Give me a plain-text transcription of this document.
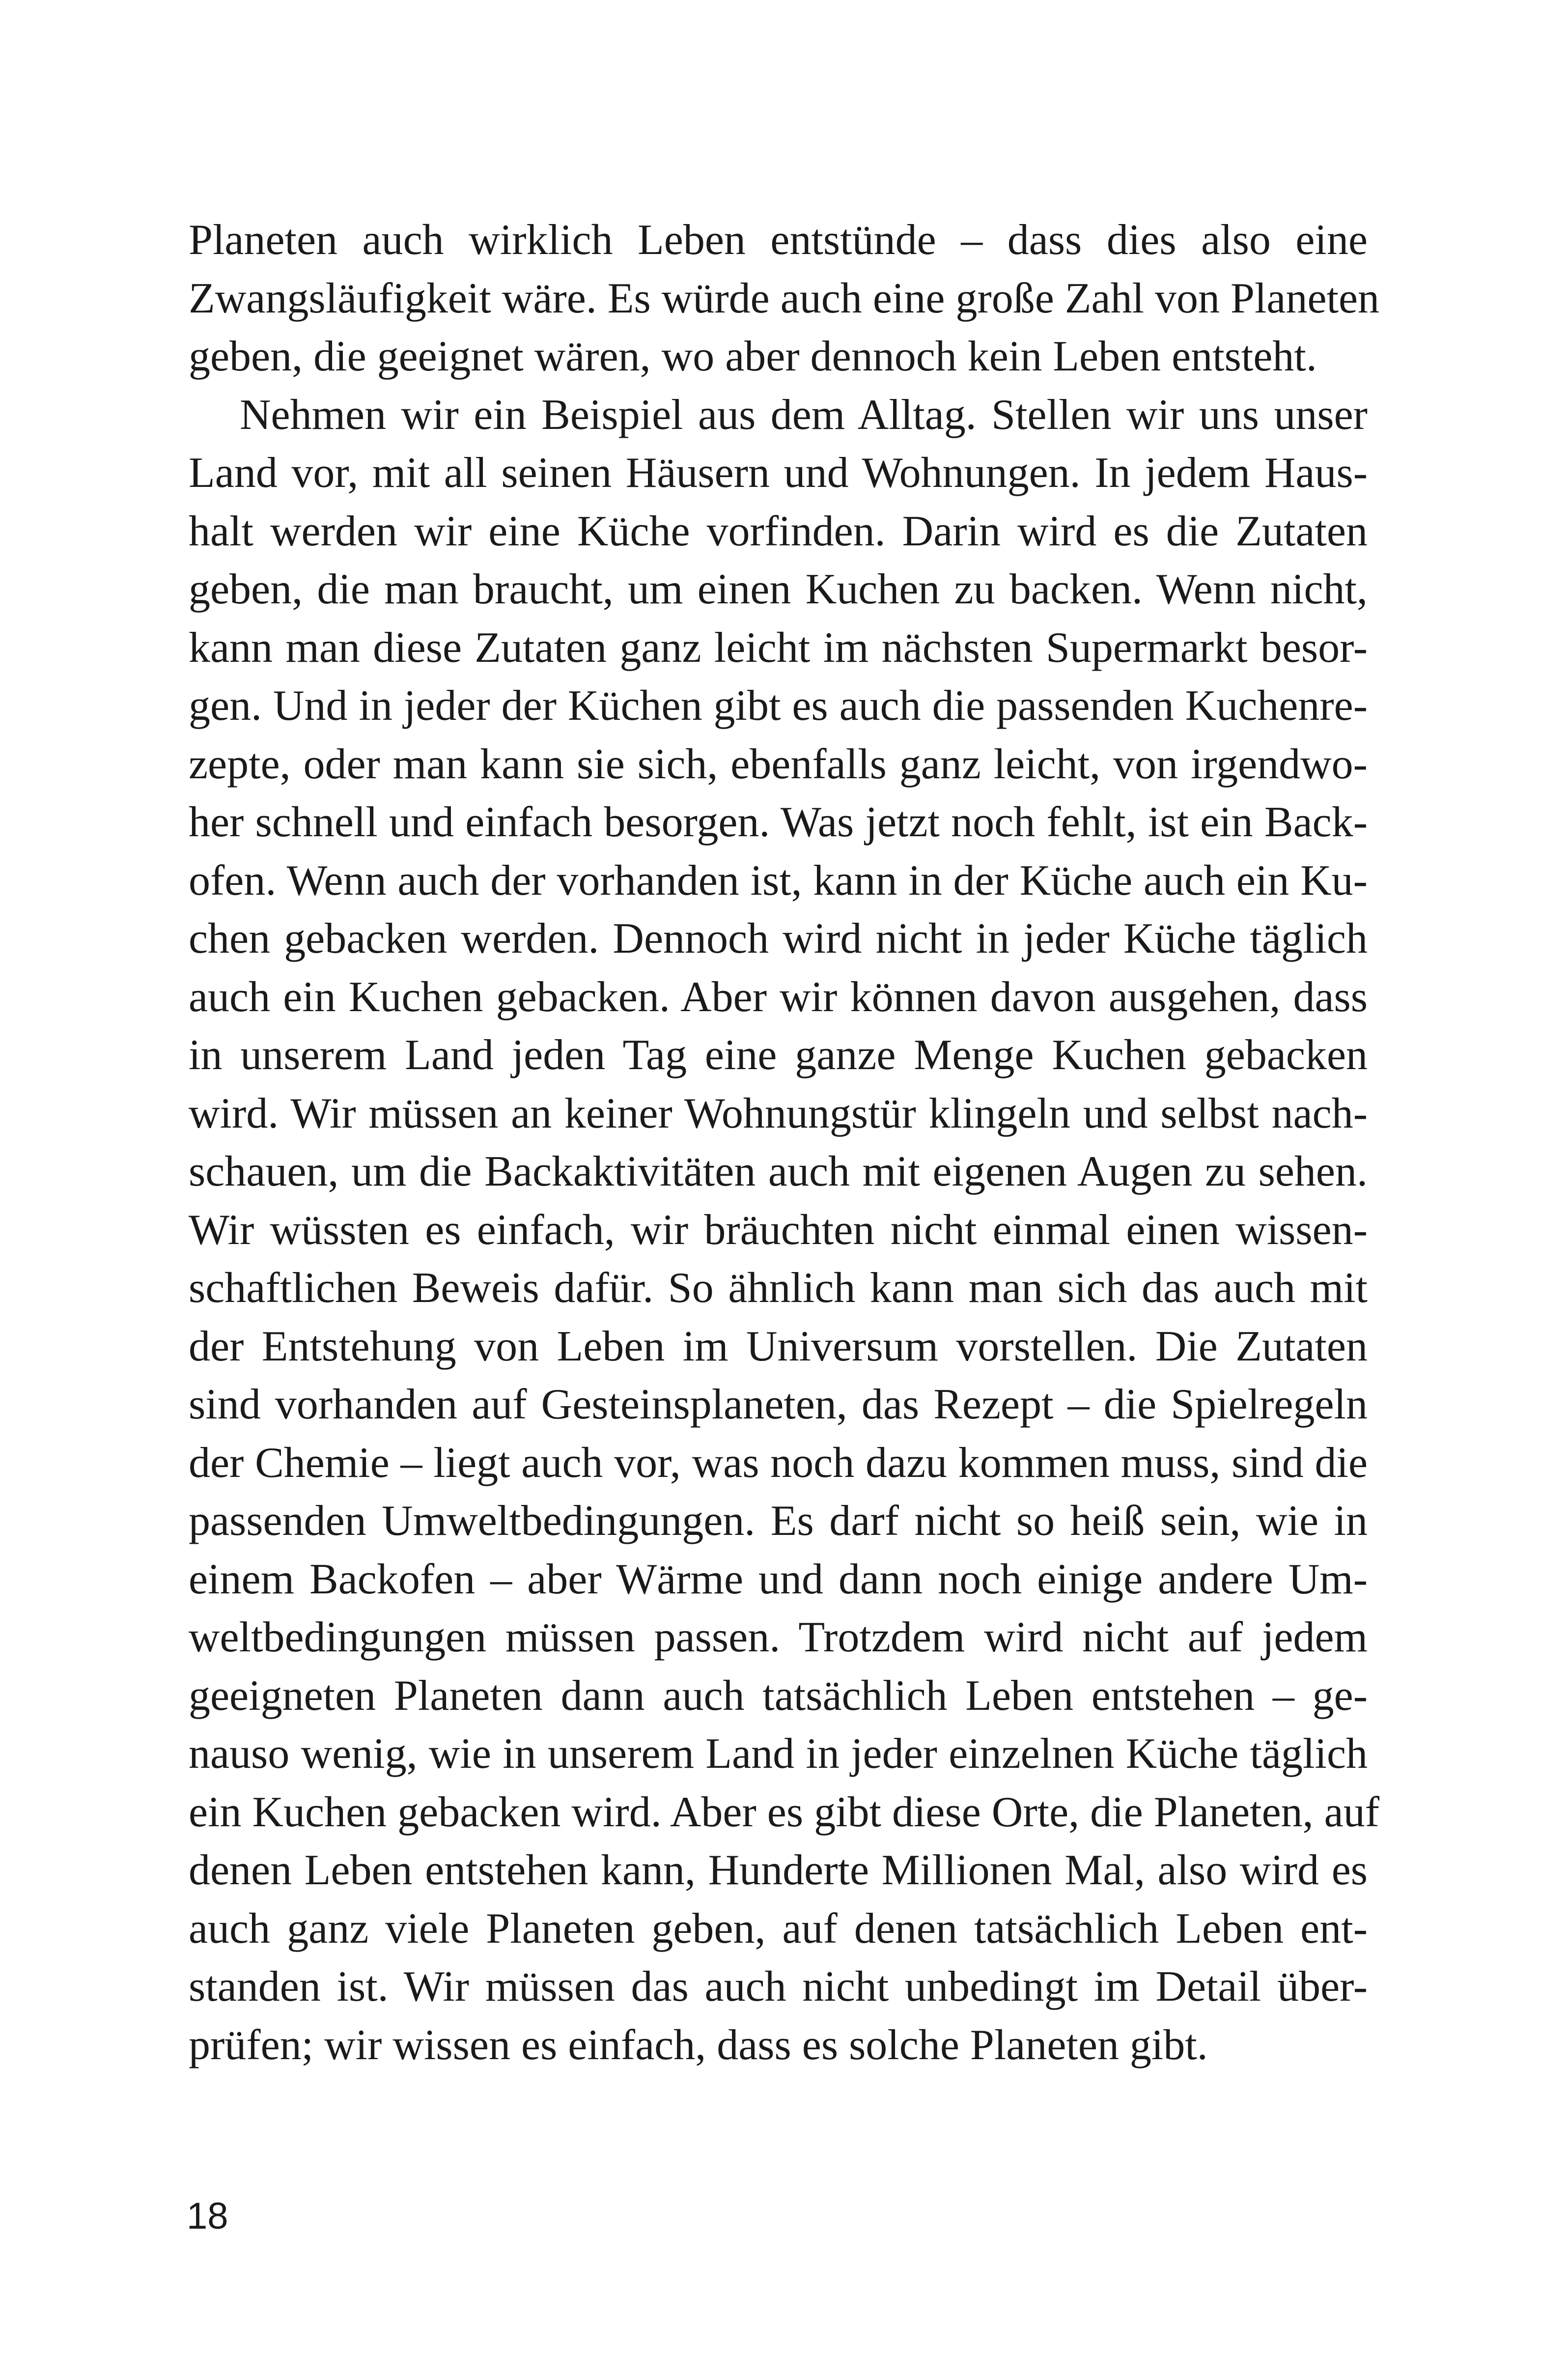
Planeten auch wirklich Leben entstünde – dass dies also eine
Zwangsläufigkeit wäre. Es würde auch eine große Zahl von Planeten
geben, die geeignet wären, wo aber dennoch kein Leben entsteht.
Nehmen wir ein Beispiel aus dem Alltag. Stellen wir uns unser
Land vor, mit all seinen Häusern und Wohnungen. In jedem Haus-
halt werden wir eine Küche vorfinden. Darin wird es die Zutaten
geben, die man braucht, um einen Kuchen zu backen. Wenn nicht,
kann man diese Zutaten ganz leicht im nächsten Supermarkt besor-
gen. Und in jeder der Küchen gibt es auch die passenden Kuchenre-
zepte, oder man kann sie sich, ebenfalls ganz leicht, von irgendwo-
her schnell und einfach besorgen. Was jetzt noch fehlt, ist ein Back-
ofen. Wenn auch der vorhanden ist, kann in der Küche auch ein Ku-
chen gebacken werden. Dennoch wird nicht in jeder Küche täglich
auch ein Kuchen gebacken. Aber wir können davon ausgehen, dass
in unserem Land jeden Tag eine ganze Menge Kuchen gebacken
wird. Wir müssen an keiner Wohnungstür klingeln und selbst nach-
schauen, um die Backaktivitäten auch mit eigenen Augen zu sehen.
Wir wüssten es einfach, wir bräuchten nicht einmal einen wissen-
schaftlichen Beweis dafür. So ähnlich kann man sich das auch mit
der Entstehung von Leben im Universum vorstellen. Die Zutaten
sind vorhanden auf Gesteinsplaneten, das Rezept – die Spielregeln
der Chemie – liegt auch vor, was noch dazu kommen muss, sind die
passenden Umweltbedingungen. Es darf nicht so heiß sein, wie in
einem Backofen – aber Wärme und dann noch einige andere Um-
weltbedingungen müssen passen. Trotzdem wird nicht auf jedem
geeigneten Planeten dann auch tatsächlich Leben entstehen – ge-
nauso wenig, wie in unserem Land in jeder einzelnen Küche täglich
ein Kuchen gebacken wird. Aber es gibt diese Orte, die Planeten, auf
denen Leben entstehen kann, Hunderte Millionen Mal, also wird es
auch ganz viele Planeten geben, auf denen tatsächlich Leben ent-
standen ist. Wir müssen das auch nicht unbedingt im Detail über-
prüfen; wir wissen es einfach, dass es solche Planeten gibt.
18
